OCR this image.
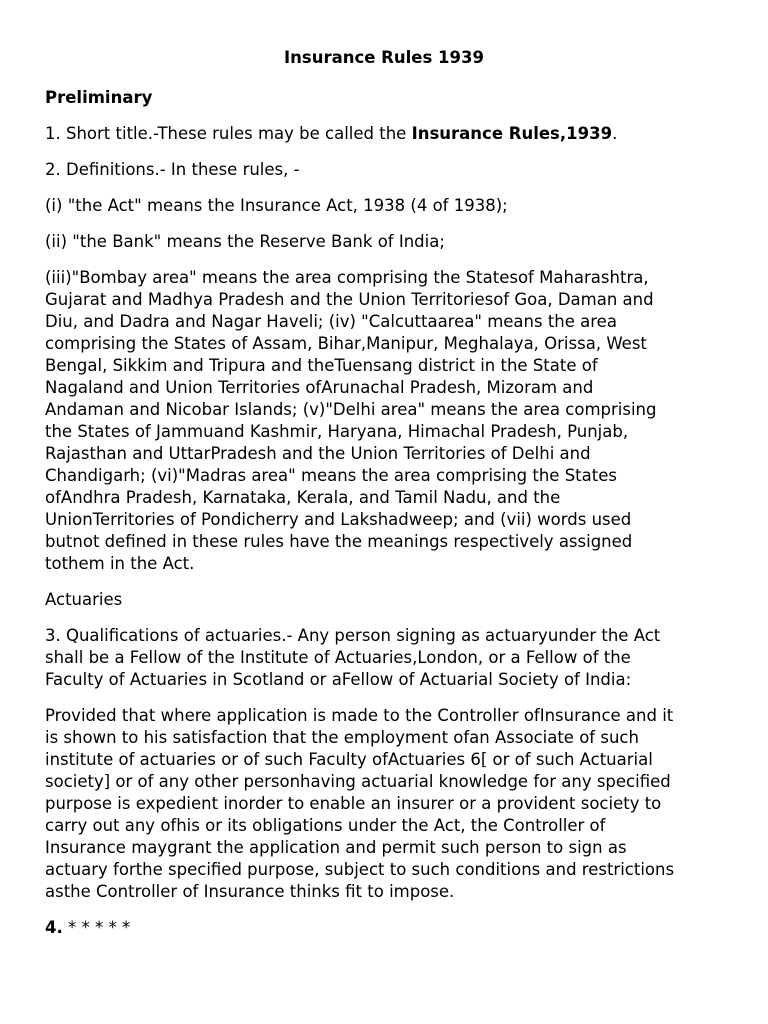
Insurance Rules 1939
Preliminary
1. Short title.-These rules may be called the Insurance Rules,1939.
2. Definitions.- In these rules, -
(i) "the Act" means the Insurance Act, 1938 (4 of 1938);
(ii) "the Bank" means the Reserve Bank of India;
(iii)"Bombay area" means the area comprising the Statesof Maharashtra,
Gujarat and Madhya Pradesh and the Union Territoriesof Goa, Daman and
Diu, and Dadra and Nagar Haveli; (iv) "Calcuttaarea" means the area
comprising the States of Assam, Bihar,Manipur, Meghalaya, Orissa, West
Bengal, Sikkim and Tripura and theTuensang district in the State of
Nagaland and Union Territories ofArunachal Pradesh, Mizoram and
Andaman and Nicobar Islands; (v)"Delhi area" means the area comprising
the States of Jammuand Kashmir, Haryana, Himachal Pradesh, Punjab,
Rajasthan and UttarPradesh and the Union Territories of Delhi and
Chandigarh; (vi)"Madras area" means the area comprising the States
ofAndhra Pradesh, Karnataka, Kerala, and Tamil Nadu, and the
UnionTerritories of Pondicherry and Lakshadweep; and (vii) words used
butnot defined in these rules have the meanings respectively assigned
tothem in the Act.
Actuaries
3. Qualifications of actuaries.- Any person signing as actuaryunder the Act
shall be a Fellow of the Institute of Actuaries,London, or a Fellow of the
Faculty of Actuaries in Scotland or aFellow of Actuarial Society of India:
Provided that where application is made to the Controller ofInsurance and it
is shown to his satisfaction that the employment ofan Associate of such
institute of actuaries or of such Faculty ofActuaries 6[ or of such Actuarial
society] or of any other personhaving actuarial knowledge for any specified
purpose is expedient inorder to enable an insurer or a provident society to
carry out any ofhis or its obligations under the Act, the Controller of
Insurance maygrant the application and permit such person to sign as
actuary forthe specified purpose, subject to such conditions and restrictions
asthe Controller of Insurance thinks fit to impose.
4. * * * * *
